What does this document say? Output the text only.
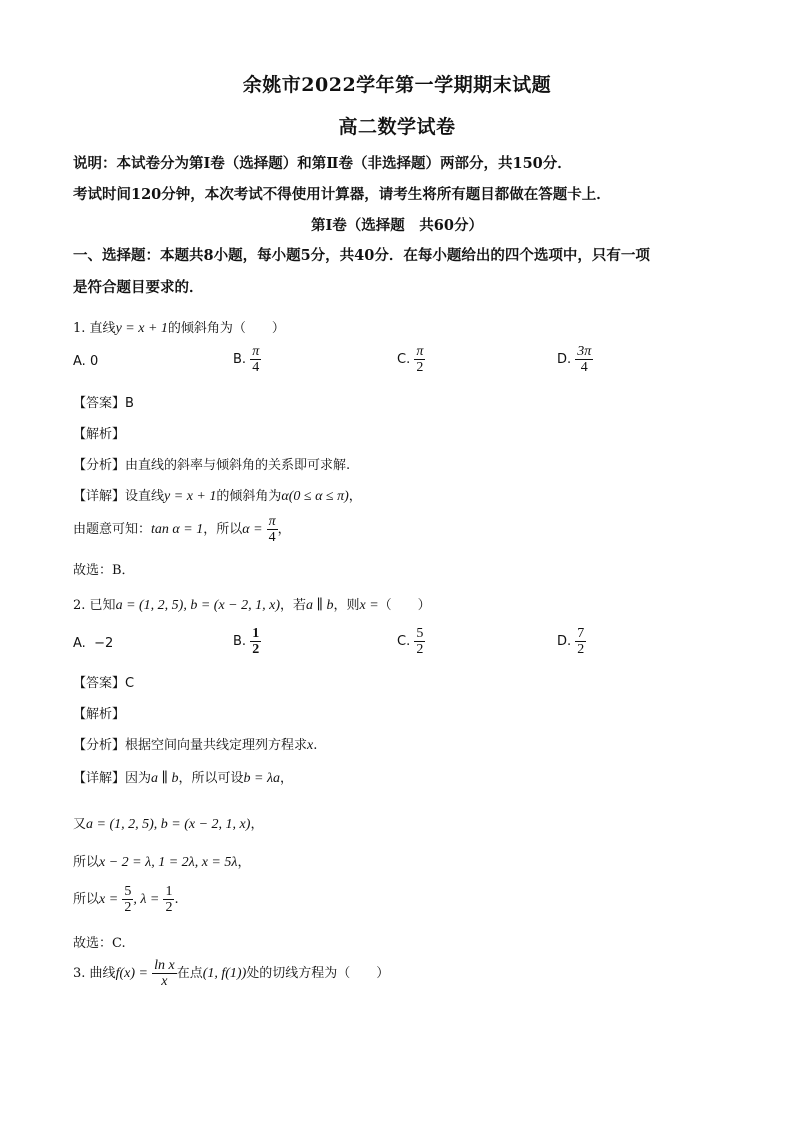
余姚市2022学年第一学期期末试题
高二数学试卷
说明：本试卷分为第Ⅰ卷（选择题）和第Ⅱ卷（非选择题）两部分，共150分．
考试时间120分钟，本次考试不得使用计算器，请考生将所有题目都做在答题卡上．
第Ⅰ卷（选择题　共60分）
一、选择题：本题共8小题，每小题5分，共40分．在每小题给出的四个选项中，只有一项
是符合题目要求的．
1. 直线y = x + 1的倾斜角为（　　）
A. 0	B. $\frac{\pi}{4}$	C. $\frac{\pi}{2}$	D. $\frac{3\pi}{4}$
【答案】B
【解析】
【分析】由直线的斜率与倾斜角的关系即可求解.
【详解】设直线y = x + 1的倾斜角为α(0 ≤ α ≤ π)，
由题意可知：tan α = 1，所以$\alpha = \frac{\pi}{4}$ ，
故选：B．
2. 已知a = (1, 2, 5), b = (x − 2, 1, x)，若a ∥ b，则x =（　　）
A. −2	B. $\frac{1}{2}$	C. $\frac{5}{2}$	D. $\frac{7}{2}$
【答案】C
【解析】
【分析】根据空间向量共线定理列方程求x.
【详解】因为a ∥ b，所以可设b = λa，
又a = (1, 2, 5), b = (x − 2, 1, x)，
所以x − 2 = λ, 1 = 2λ, x = 5λ，
所以$x = \frac{5}{2}$ , $\lambda = \frac{1}{2}$ .
故选：C.
3. 曲线$f(x) = \frac{\text{ln x}}{x}$ 在点(1, f(1))处的切线方程为（　　）
